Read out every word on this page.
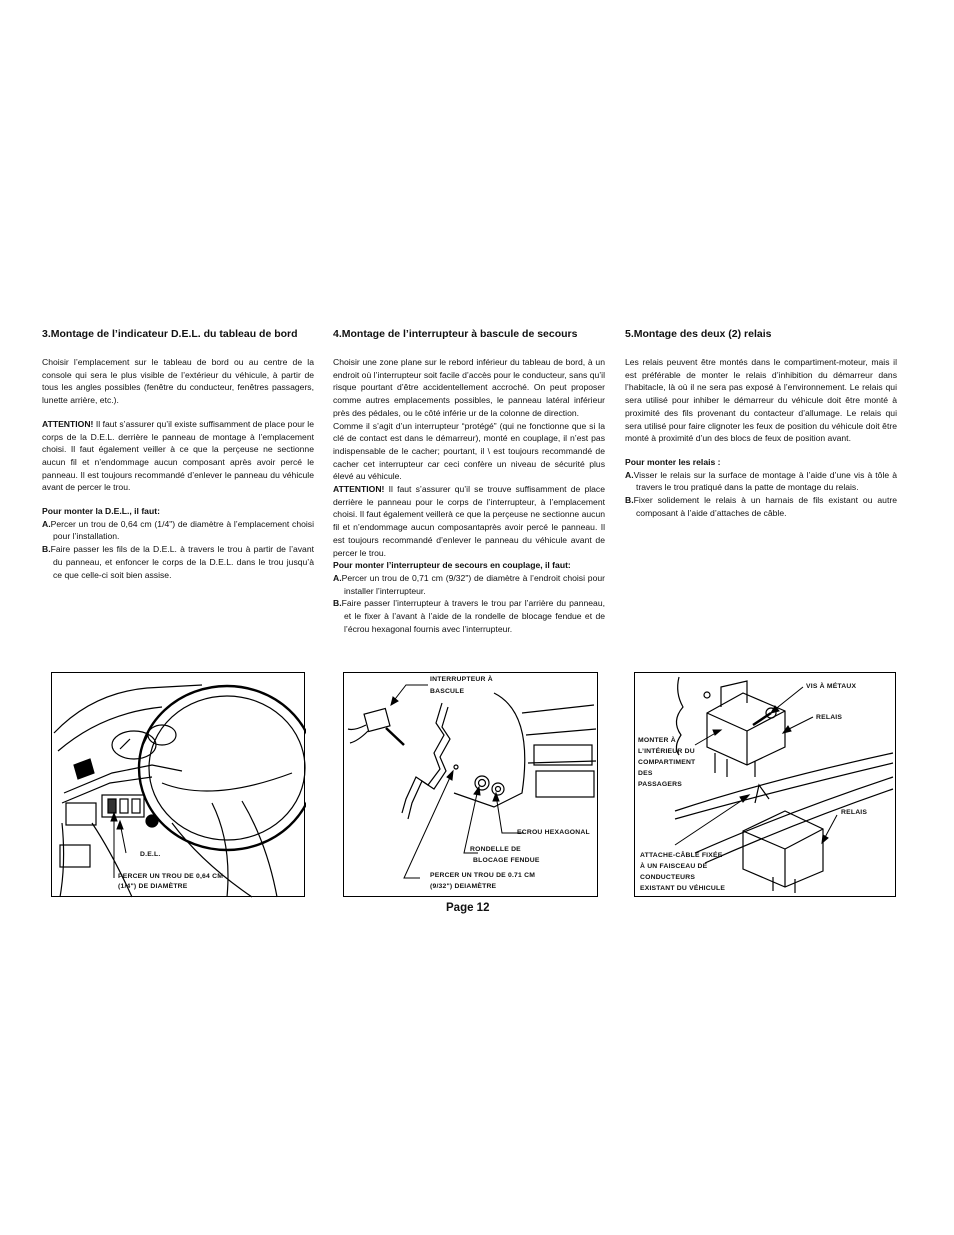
3.Montage de l’indicateur D.E.L. du tableau de bord

Choisir l’emplacement sur le tableau de bord ou au centre de la console qui sera le plus visible de l’extérieur du véhicule, à partir de tous les angles possibles (fenêtre du conducteur, fenêtres passagers, lunette arrière, etc.).

ATTENTION! Il faut s’assurer qu’il existe suffisamment de place pour le corps de la D.E.L. derrière le panneau de montage à l’emplacement choisi. Il faut également veiller à ce que la perçeuse ne sectionne aucun fil et n’endommage aucun composant après avoir percé le panneau. Il est toujours recommandé d’enlever le panneau du véhicule avant de percer le trou.

Pour monter la D.E.L., il faut:

A.Percer un trou de 0,64 cm (1/4") de diamètre à l’emplacement choisi pour l’installation.
B.Faire passer les fils de la D.E.L. à travers le trou à partir de l’avant du panneau, et enfoncer le corps de la D.E.L. dans le trou jusqu’à ce que celle-ci soit bien assise.
4.Montage de l’interrupteur à bascule de secours

Choisir une zone plane sur le rebord inférieur du tableau de bord, à un endroit où l’interrupteur soit facile d’accès pour le conducteur, sans qu’il risque pourtant d’être accidentellement accroché. On peut proposer comme autres emplacements possibles, le panneau latéral inférieur près des pédales, ou le côté inférie ur de la colonne de direction.

Comme il s’agit d’un interrupteur “protégé” (qui ne fonctionne que si la clé de contact est dans le démarreur), monté en couplage, il n’est pas indispensable de le cacher; pourtant, il \ est toujours recommandé de cacher cet interrupteur car ceci confère un niveau de sécurité plus élevé au véhicule.

ATTENTION! Il faut s’assurer qu’il se trouve suffisamment de place derrière le panneau pour le corps de l’interrupteur, à l’emplacement choisi. Il faut également veillerà ce que la perçeuse ne sectionne aucun fil et n’endommage aucun composantaprès avoir percé le panneau. Il est toujours recommandé d’enlever le panneau du véhicule avant de percer le trou.

Pour monter l’interrupteur de secours en couplage, il faut:

A.Percer un trou de 0,71 cm (9/32") de diamètre à l’endroit choisi pour installer l’interrupteur.
B.Faire passer l’interrupteur à travers le trou par l’arrière du panneau, et le fixer à l’avant à l’aide de la rondelle de blocage fendue et de l’écrou hexagonal fournis avec l’interrupteur.
5.Montage des deux (2) relais

Les relais peuvent être montés dans le compartiment-moteur, mais il est préférable de monter le relais d’inhibition du démarreur dans l’habitacle, là où il ne sera pas exposé à l’environnement. Le relais qui sera utilisé pour inhiber le démarreur du véhicule doit être monté à proximité des fils provenant du contacteur d’allumage. Le relais qui sera utilisé pour faire clignoter les feux de position du véhicule doit être monté à proximité d’un des blocs de feux de position avant.

Pour monter les relais :

A.Visser le relais sur la surface de montage à l’aide d’une vis à tôle à travers le trou pratiqué dans la patte de montage du relais.
B.Fixer solidement le relais à un harnais de fils existant ou autre composant à l’aide d’attaches de câble.
D.E.L.
PERCER UN TROU DE 0,64 CM
(1/4") DE DIAMÈTRE
INTERRUPTEUR À
BASCULE
ECROU HEXAGONAL
RONDELLE DE
BLOCAGE FENDUE
PERCER UN TROU DE 0.71 CM
(9/32") DEIAMÈTRE
VIS À MÉTAUX
RELAIS
RELAIS
MONTER À
L’INTÉRIEUR DU
COMPARTIMENT
DES
PASSAGERS
ATTACHE-CÂBLE FIXÉE
À UN FAISCEAU DE
CONDUCTEURS
EXISTANT DU VÉHICULE
Page 12
